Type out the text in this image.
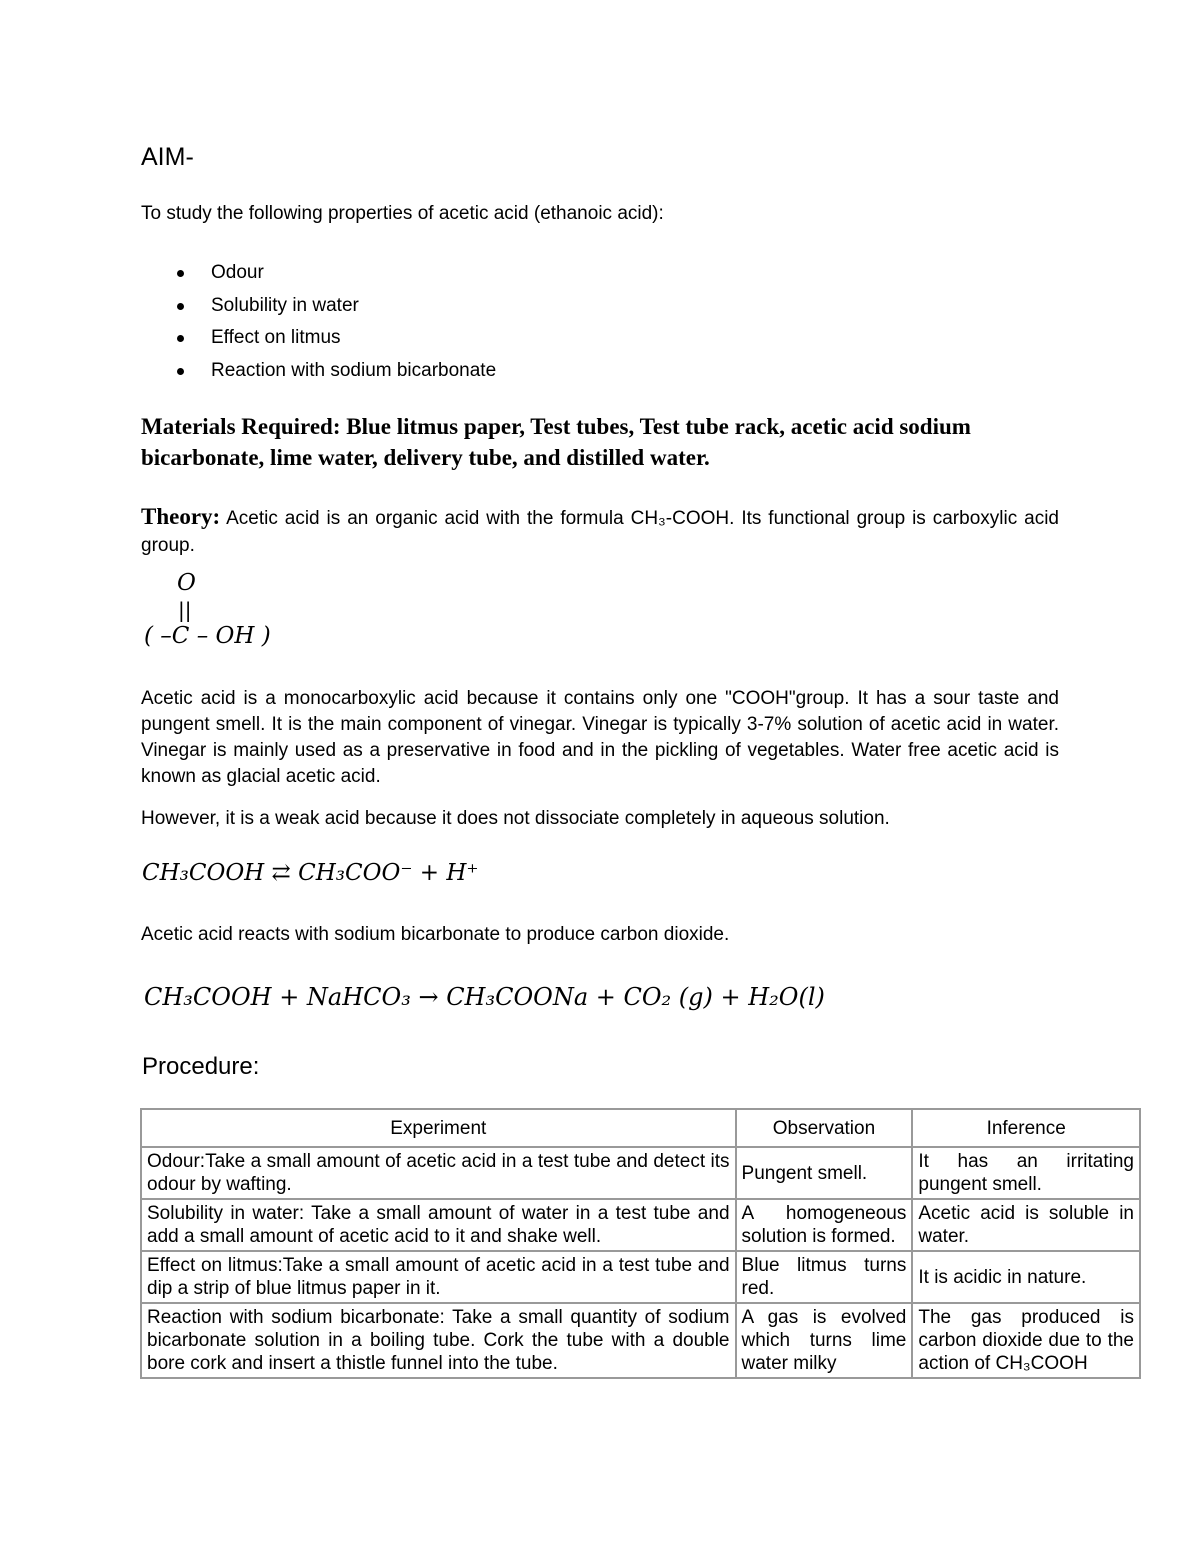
AIM-
To study the following properties of acetic acid (ethanoic acid):
Odour
Solubility in water
Effect on litmus
Reaction with sodium bicarbonate
Materials Required: Blue litmus paper, Test tubes, Test tube rack, acetic acid sodium bicarbonate, lime water, delivery tube, and distilled water.
Theory: Acetic acid is an organic acid with the formula CH₃-COOH. Its functional group is carboxylic acid group.
O
||
( –C – OH )
Acetic acid is a monocarboxylic acid because it contains only one "COOH"group. It has a sour taste and pungent smell. It is the main component of vinegar. Vinegar is typically 3-7% solution of acetic acid in water. Vinegar is mainly used as a preservative in food and in the pickling of vegetables. Water free acetic acid is known as glacial acetic acid.
However, it is a weak acid because it does not dissociate completely in aqueous solution.
CH₃COOH ⇄ CH₃COO⁻ + H⁺
Acetic acid reacts with sodium bicarbonate to produce carbon dioxide.
CH₃COOH + NaHCO₃ → CH₃COONa + CO₂ (g) + H₂O(l)
Procedure:
Experiment	Observation	Inference
Odour:Take a small amount of acetic acid in a test tube and detect its odour by wafting.	Pungent smell.	It has an irritating pungent smell.
Solubility in water: Take a small amount of water in a test tube and add a small amount of acetic acid to it and shake well.	A homogeneous solution is formed.	Acetic acid is soluble in water.
Effect on litmus:Take a small amount of acetic acid in a test tube and dip a strip of blue litmus paper in it.	Blue litmus turns red.	It is acidic in nature.
Reaction with sodium bicarbonate: Take a small quantity of sodium bicarbonate solution in a boiling tube. Cork the tube with a double bore cork and insert a thistle funnel into the tube.	A gas is evolved which turns lime water milky	The gas produced is carbon dioxide due to the action of CH₃COOH
